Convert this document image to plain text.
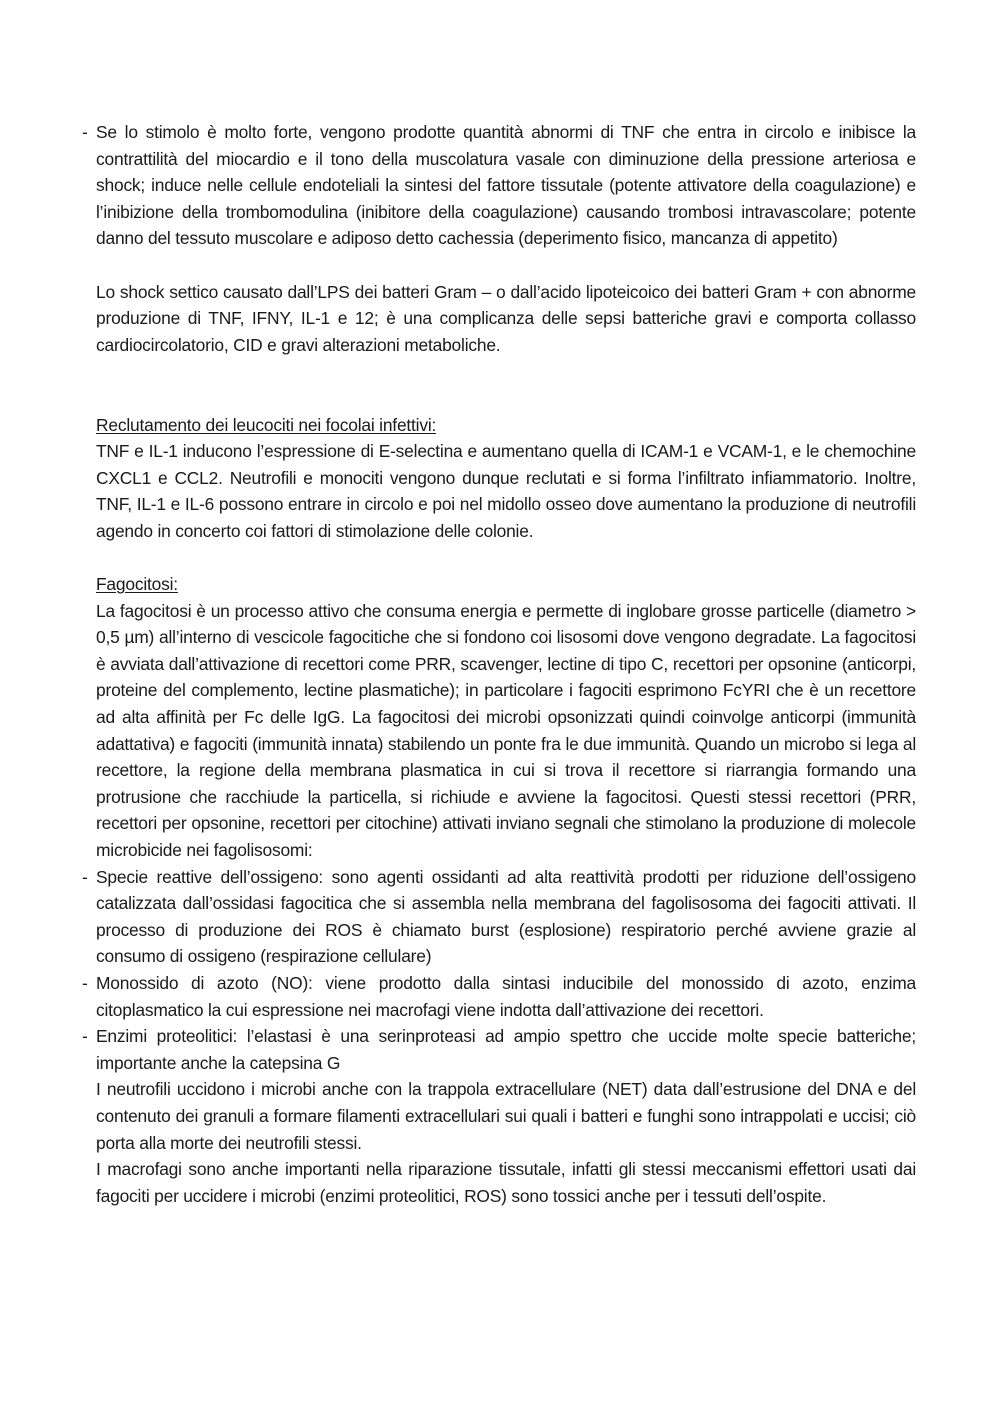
- Se lo stimolo è molto forte, vengono prodotte quantità abnormi di TNF che entra in circolo e inibisce la contrattilità del miocardio e il tono della muscolatura vasale con diminuzione della pressione arteriosa e shock; induce nelle cellule endoteliali la sintesi del fattore tissutale (potente attivatore della coagulazione) e l’inibizione della trombomodulina (inibitore della coagulazione) causando trombosi intravascolare; potente danno del tessuto muscolare e adiposo detto cachessia (deperimento fisico, mancanza di appetito)

Lo shock settico causato dall’LPS dei batteri Gram – o dall’acido lipoteicoico dei batteri Gram + con abnorme produzione di TNF, IFNY, IL-1 e 12; è una complicanza delle sepsi batteriche gravi e comporta collasso cardiocircolatorio, CID e gravi alterazioni metaboliche.

Reclutamento dei leucociti nei focolai infettivi:

TNF e IL-1 inducono l’espressione di E-selectina e aumentano quella di ICAM-1 e VCAM-1, e le chemochine CXCL1 e CCL2. Neutrofili e monociti vengono dunque reclutati e si forma l’infiltrato infiammatorio. Inoltre, TNF, IL-1 e IL-6 possono entrare in circolo e poi nel midollo osseo dove aumentano la produzione di neutrofili agendo in concerto coi fattori di stimolazione delle colonie.

Fagocitosi:

La fagocitosi è un processo attivo che consuma energia e permette di inglobare grosse particelle (diametro > 0,5 µm) all’interno di vescicole fagocitiche che si fondono coi lisosomi dove vengono degradate. La fagocitosi è avviata dall’attivazione di recettori come PRR, scavenger, lectine di tipo C, recettori per opsonine (anticorpi, proteine del complemento, lectine plasmatiche); in particolare i fagociti esprimono FcYRI che è un recettore ad alta affinità per Fc delle IgG. La fagocitosi dei microbi opsonizzati quindi coinvolge anticorpi (immunità adattativa) e fagociti (immunità innata) stabilendo un ponte fra le due immunità. Quando un microbo si lega al recettore, la regione della membrana plasmatica in cui si trova il recettore si riarrangia formando una protrusione che racchiude la particella, si richiude e avviene la fagocitosi. Questi stessi recettori (PRR, recettori per opsonine, recettori per citochine) attivati inviano segnali che stimolano la produzione di molecole microbicide nei fagolisosomi:

- Specie reattive dell’ossigeno: sono agenti ossidanti ad alta reattività prodotti per riduzione dell’ossigeno catalizzata dall’ossidasi fagocitica che si assembla nella membrana del fagolisosoma dei fagociti attivati. Il processo di produzione dei ROS è chiamato burst (esplosione) respiratorio perché avviene grazie al consumo di ossigeno (respirazione cellulare)

- Monossido di azoto (NO): viene prodotto dalla sintasi inducibile del monossido di azoto, enzima citoplasmatico la cui espressione nei macrofagi viene indotta dall’attivazione dei recettori.

- Enzimi proteolitici: l’elastasi è una serinproteasi ad ampio spettro che uccide molte specie batteriche; importante anche la catepsina G

I neutrofili uccidono i microbi anche con la trappola extracellulare (NET) data dall’estrusione del DNA e del contenuto dei granuli a formare filamenti extracellulari sui quali i batteri e funghi sono intrappolati e uccisi; ciò porta alla morte dei neutrofili stessi.

I macrofagi sono anche importanti nella riparazione tissutale, infatti gli stessi meccanismi effettori usati dai fagociti per uccidere i microbi (enzimi proteolitici, ROS) sono tossici anche per i tessuti dell’ospite.
